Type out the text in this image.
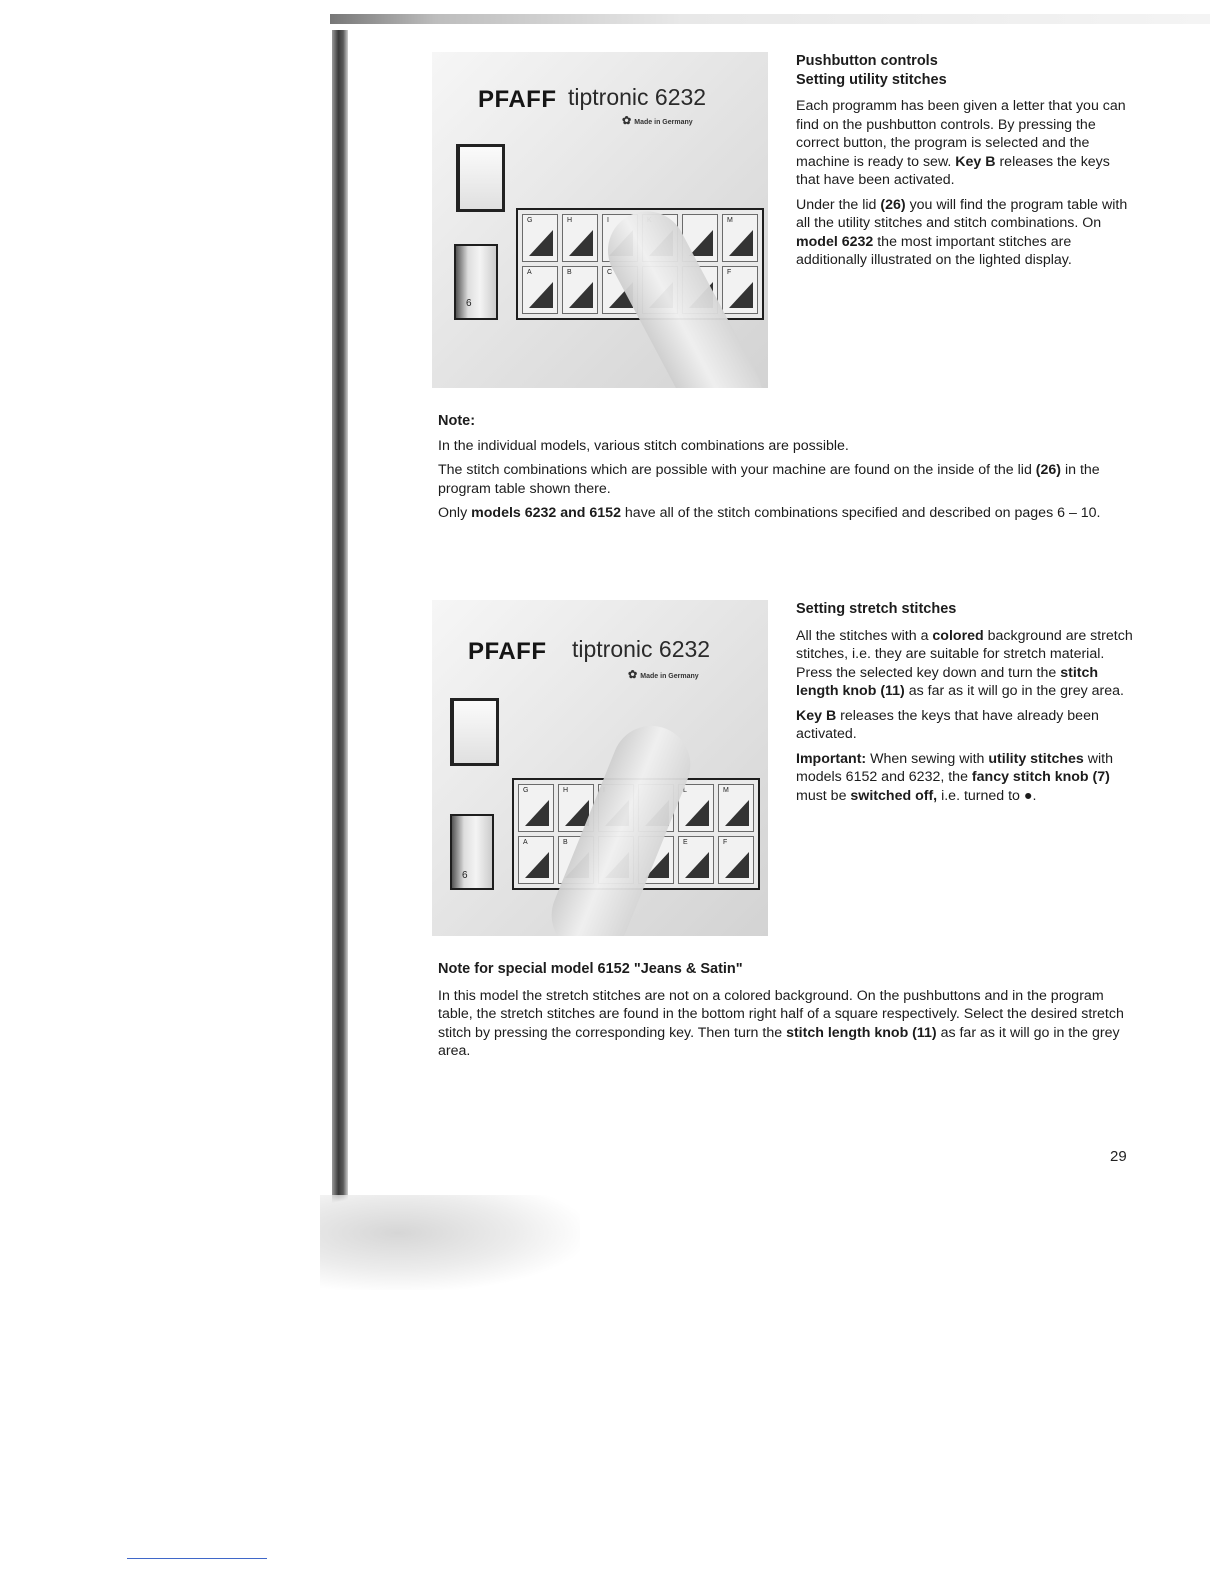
PFAFF tiptronic 6232
✿ Made in Germany
6
G	H	I	M
A	B	C	F
Pushbutton controls
Setting utility stitches

Each programm has been given a letter that you can find on the pushbutton controls. By pressing the correct button, the program is selected and the machine is ready to sew. Key B releases the keys that have been activated.

Under the lid (26) you will find the program table with all the utility stitches and stitch combinations. On model 6232 the most important stitches are additionally illustrated on the lighted display.

Note:

In the individual models, various stitch combinations are possible.

The stitch combinations which are possible with your machine are found on the inside of the lid (26) in the program table shown there.

Only models 6232 and 6152 have all of the stitch combinations specified and described on pages 6 – 10.

PFAFF tiptronic 6232
✿ Made in Germany
6
G	H	L	M
A	B	E	F
Setting stretch stitches

All the stitches with a colored background are stretch stitches, i.e. they are suitable for stretch material. Press the selected key down and turn the stitch length knob (11) as far as it will go in the grey area.

Key B releases the keys that have already been activated.

Important: When sewing with utility stitches with models 6152 and 6232, the fancy stitch knob (7) must be switched off, i.e. turned to ●.

Note for special model 6152 "Jeans & Satin"

In this model the stretch stitches are not on a colored background. On the pushbuttons and in the program table, the stretch stitches are found in the bottom right half of a square respectively. Select the desired stretch stitch by pressing the corresponding key. Then turn the stitch length knob (11) as far as it will go in the grey area.

29
